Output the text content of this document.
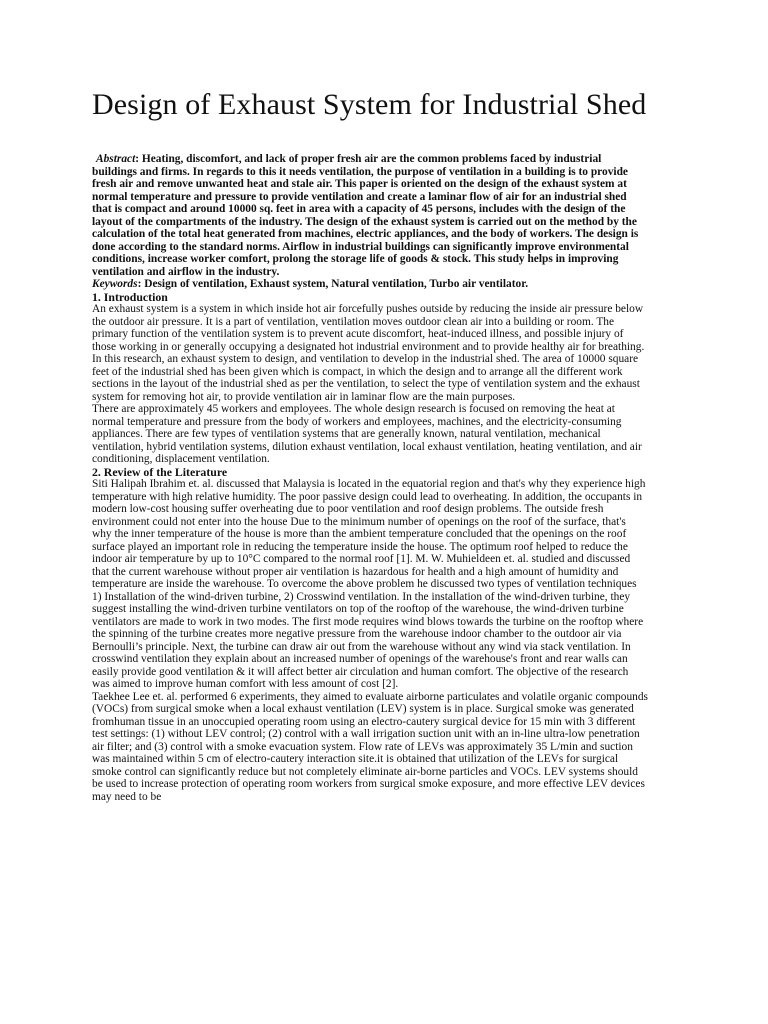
Design of Exhaust System for Industrial Shed

Abstract: Heating, discomfort, and lack of proper fresh air are the common problems faced by industrial buildings and firms. In regards to this it needs ventilation, the purpose of ventilation in a building is to provide fresh air and remove unwanted heat and stale air. This paper is oriented on the design of the exhaust system at normal temperature and pressure to provide ventilation and create a laminar flow of air for an industrial shed that is compact and around 10000 sq. feet in area with a capacity of 45 persons, includes with the design of the layout of the compartments of the industry. The design of the exhaust system is carried out on the method by the calculation of the total heat generated from machines, electric appliances, and the body of workers. The design is done according to the standard norms. Airflow in industrial buildings can significantly improve environmental conditions, increase worker comfort, prolong the storage life of goods & stock. This study helps in improving ventilation and airflow in the industry.

Keywords: Design of ventilation, Exhaust system, Natural ventilation, Turbo air ventilator.

1. Introduction

An exhaust system is a system in which inside hot air forcefully pushes outside by reducing the inside air pressure below the outdoor air pressure. It is a part of ventilation, ventilation moves outdoor clean air into a building or room. The primary function of the ventilation system is to prevent acute discomfort, heat-induced illness, and possible injury of those working in or generally occupying a designated hot industrial environment and to provide healthy air for breathing.

In this research, an exhaust system to design, and ventilation to develop in the industrial shed. The area of 10000 square feet of the industrial shed has been given which is compact, in which the design and to arrange all the different work sections in the layout of the industrial shed as per the ventilation, to select the type of ventilation system and the exhaust system for removing hot air, to provide ventilation air in laminar flow are the main purposes.

There are approximately 45 workers and employees. The whole design research is focused on removing the heat at normal temperature and pressure from the body of workers and employees, machines, and the electricity-consuming appliances. There are few types of ventilation systems that are generally known, natural ventilation, mechanical ventilation, hybrid ventilation systems, dilution exhaust ventilation, local exhaust ventilation, heating ventilation, and air conditioning, displacement ventilation.

2. Review of the Literature

Siti Halipah Ibrahim et. al. discussed that Malaysia is located in the equatorial region and that's why they experience high temperature with high relative humidity. The poor passive design could lead to overheating. In addition, the occupants in modern low-cost housing suffer overheating due to poor ventilation and roof design problems. The outside fresh environment could not enter into the house Due to the minimum number of openings on the roof of the surface, that's why the inner temperature of the house is more than the ambient temperature concluded that the openings on the roof surface played an important role in reducing the temperature inside the house. The optimum roof helped to reduce the indoor air temperature by up to 10°C compared to the normal roof [1]. M. W. Muhieldeen et. al. studied and discussed that the current warehouse without proper air ventilation is hazardous for health and a high amount of humidity and temperature are inside the warehouse. To overcome the above problem he discussed two types of ventilation techniques 1) Installation of the wind-driven turbine, 2) Crosswind ventilation. In the installation of the wind-driven turbine, they suggest installing the wind-driven turbine ventilators on top of the rooftop of the warehouse, the wind-driven turbine ventilators are made to work in two modes. The first mode requires wind blows towards the turbine on the rooftop where the spinning of the turbine creates more negative pressure from the warehouse indoor chamber to the outdoor air via Bernoulli’s principle. Next, the turbine can draw air out from the warehouse without any wind via stack ventilation. In crosswind ventilation they explain about an increased number of openings of the warehouse's front and rear walls can easily provide good ventilation & it will affect better air circulation and human comfort. The objective of the research was aimed to improve human comfort with less amount of cost [2].

Taekhee Lee et. al. performed 6 experiments, they aimed to evaluate airborne particulates and volatile organic compounds (VOCs) from surgical smoke when a local exhaust ventilation (LEV) system is in place. Surgical smoke was generated fromhuman tissue in an unoccupied operating room using an electro-cautery surgical device for 15 min with 3 different test settings: (1) without LEV control; (2) control with a wall irrigation suction unit with an in-line ultra-low penetration air filter; and (3) control with a smoke evacuation system. Flow rate of LEVs was approximately 35 L/min and suction was maintained within 5 cm of electro-cautery interaction site.it is obtained that utilization of the LEVs for surgical smoke control can significantly reduce but not completely eliminate air-borne particles and VOCs. LEV systems should be used to increase protection of operating room workers from surgical smoke exposure, and more effective LEV devices may need to be
